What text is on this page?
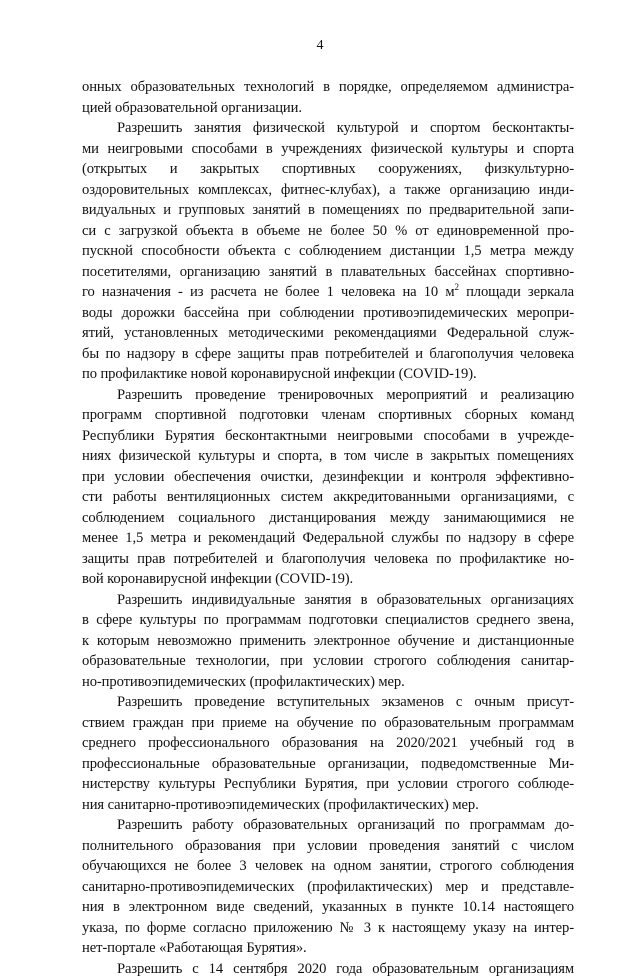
4

онных образовательных технологий в порядке, определяемом администра-
цией образовательной организации.

Разрешить занятия физической культурой и спортом бесконтакты-
ми неигровыми способами в учреждениях физической культуры и спорта
(открытых и закрытых спортивных сооружениях, физкультурно-
оздоровительных комплексах, фитнес-клубах), а также организацию инди-
видуальных и групповых занятий в помещениях по предварительной запи-
си с загрузкой объекта в объеме не более 50 % от единовременной про-
пускной способности объекта с соблюдением дистанции 1,5 метра между
посетителями, организацию занятий в плавательных бассейнах спортивно-
го назначения - из расчета не более 1 человека на 10 $м^2$ площади зеркала
воды дорожки бассейна при соблюдении противоэпидемических меропри-
ятий, установленных методическими рекомендациями Федеральной служ-
бы по надзору в сфере защиты прав потребителей и благополучия человека
по профилактике новой коронавирусной инфекции (COVID-19).

Разрешить проведение тренировочных мероприятий и реализацию
программ спортивной подготовки членам спортивных сборных команд
Республики Бурятия бесконтактными неигровыми способами в учрежде-
ниях физической культуры и спорта, в том числе в закрытых помещениях
при условии обеспечения очистки, дезинфекции и контроля эффективно-
сти работы вентиляционных систем аккредитованными организациями, с
соблюдением социального дистанцирования между занимающимися не
менее 1,5 метра и рекомендаций Федеральной службы по надзору в сфере
защиты прав потребителей и благополучия человека по профилактике но-
вой коронавирусной инфекции (COVID-19).

Разрешить индивидуальные занятия в образовательных организациях
в сфере культуры по программам подготовки специалистов среднего звена,
к которым невозможно применить электронное обучение и дистанционные
образовательные технологии, при условии строгого соблюдения санитар-
но-противоэпидемических (профилактических) мер.

Разрешить проведение вступительных экзаменов с очным присут-
ствием граждан при приеме на обучение по образовательным программам
среднего профессионального образования на 2020/2021 учебный год в
профессиональные образовательные организации, подведомственные Ми-
нистерству культуры Республики Бурятия, при условии строгого соблюде-
ния санитарно-противоэпидемических (профилактических) мер.

Разрешить работу образовательных организаций по программам до-
полнительного образования при условии проведения занятий с числом
обучающихся не более 3 человек на одном занятии, строгого соблюдения
санитарно-противоэпидемических (профилактических) мер и представле-
ния в электронном виде сведений, указанных в пункте 10.14 настоящего
указа, по форме согласно приложению № 3 к настоящему указу на интер-
нет-портале «Работающая Бурятия».

Разрешить с 14 сентября 2020 года образовательным организациям
